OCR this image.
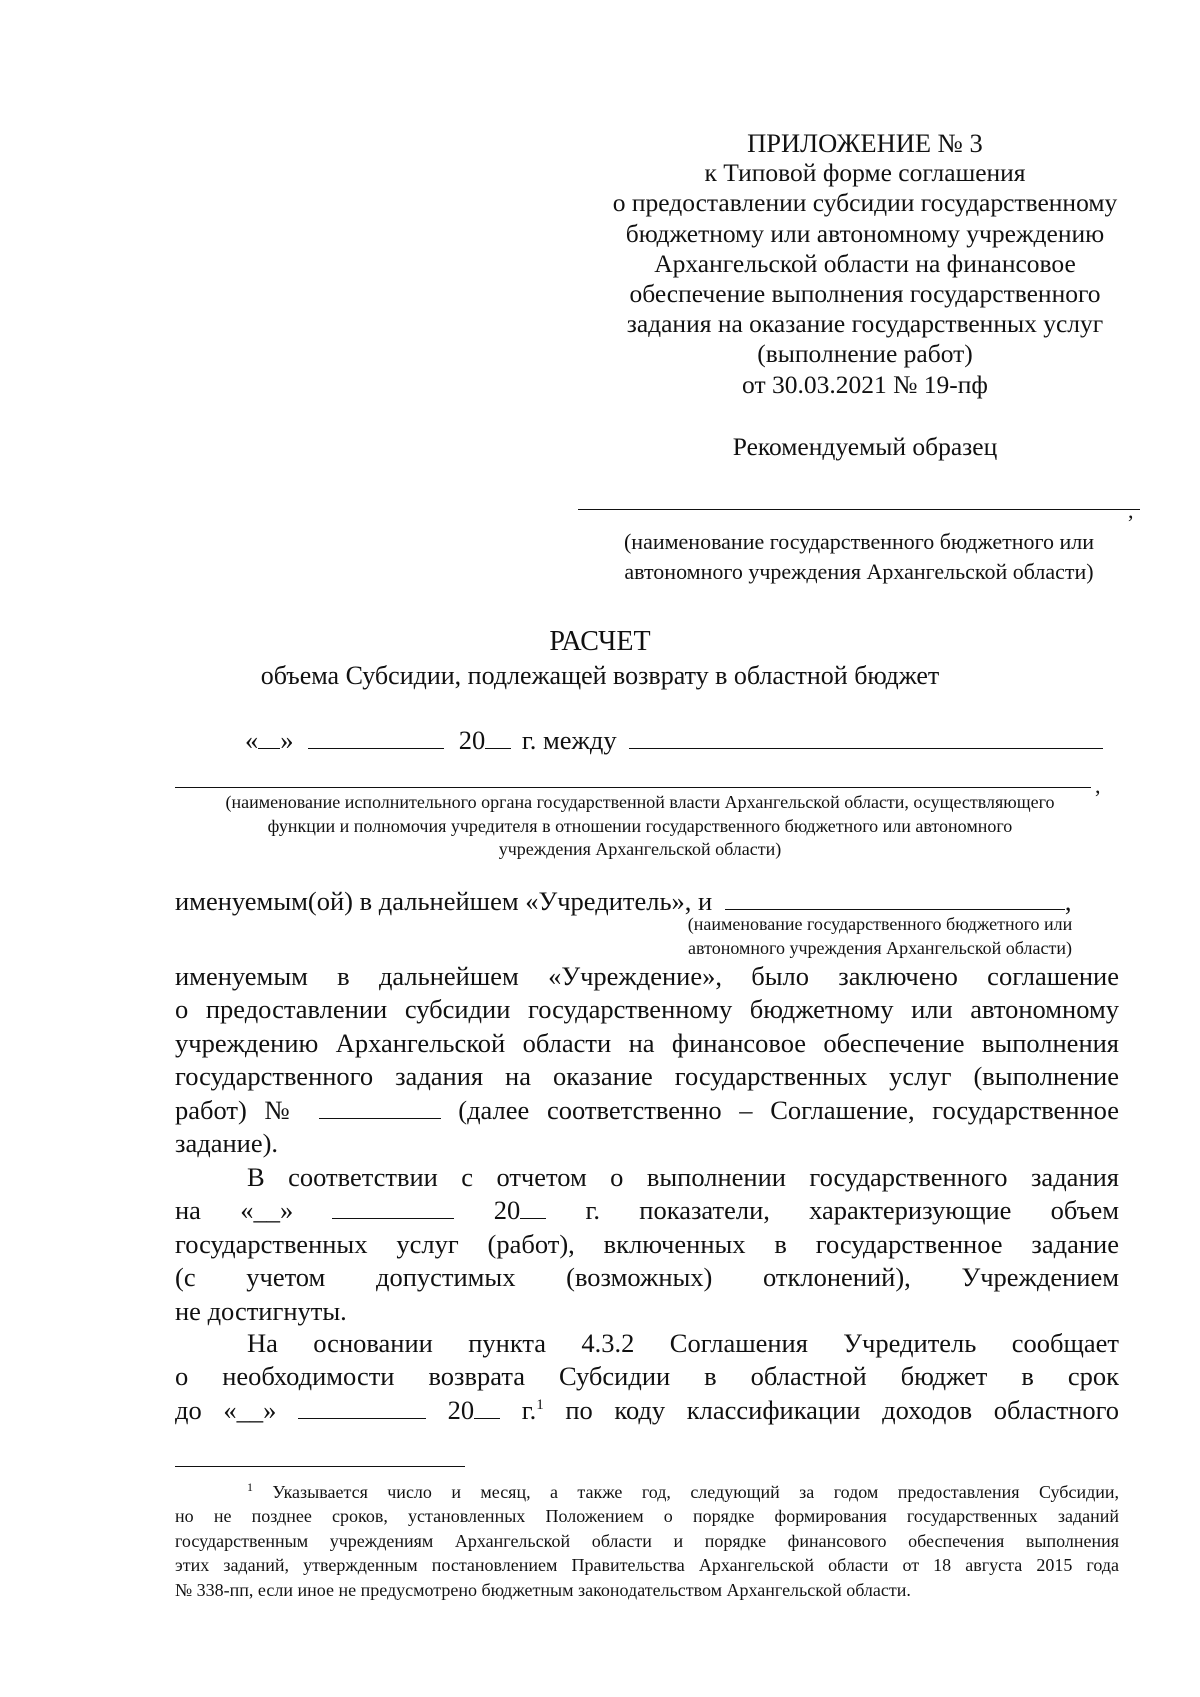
ПРИЛОЖЕНИЕ № 3
к Типовой форме соглашения
о предоставлении субсидии государственному
бюджетному или автономному учреждению
Архангельской области на финансовое
обеспечение выполнения государственного
задания на оказание государственных услуг
(выполнение работ)
от 30.03.2021 № 19-пф
Рекомендуемый образец
,
(наименование государственного бюджетного или
автономного учреждения Архангельской области)
РАСЧЕТ
объема Субсидии, подлежащей возврату в областной бюджет
« »	20 г. между
,
(наименование исполнительного органа государственной власти Архангельской области, осуществляющего
функции и полномочия учредителя в отношении государственного бюджетного или автономного
учреждения Архангельской области)
именуемым(ой) в дальнейшем «Учредитель», и	,
(наименование государственного бюджетного или
автономного учреждения Архангельской области)
именуемым в дальнейшем «Учреждение», было заключено соглашение
о предоставлении субсидии государственному бюджетному или автономному
учреждению Архангельской области на финансовое обеспечение выполнения
государственного задания на оказание государственных услуг (выполнение
работ) №	(далее соответственно – Соглашение, государственное
задание).
В соответствии с отчетом о выполнении государственного задания
на «__»	20 г. показатели, характеризующие объем
государственных услуг (работ), включенных в государственное задание
(с учетом допустимых (возможных) отклонений), Учреждением
не достигнуты.
На основании пункта 4.3.2 Соглашения Учредитель сообщает
о необходимости возврата Субсидии в областной бюджет в срок
до «__»	20 г.$^1$ по коду классификации доходов областного
$^1$ Указывается число и месяц, а также год, следующий за годом предоставления Субсидии,
но не позднее сроков, установленных Положением о порядке формирования государственных заданий
государственным учреждениям Архангельской области и порядке финансового обеспечения выполнения
этих заданий, утвержденным постановлением Правительства Архангельской области от 18 августа 2015 года
№ 338-пп, если иное не предусмотрено бюджетным законодательством Архангельской области.
